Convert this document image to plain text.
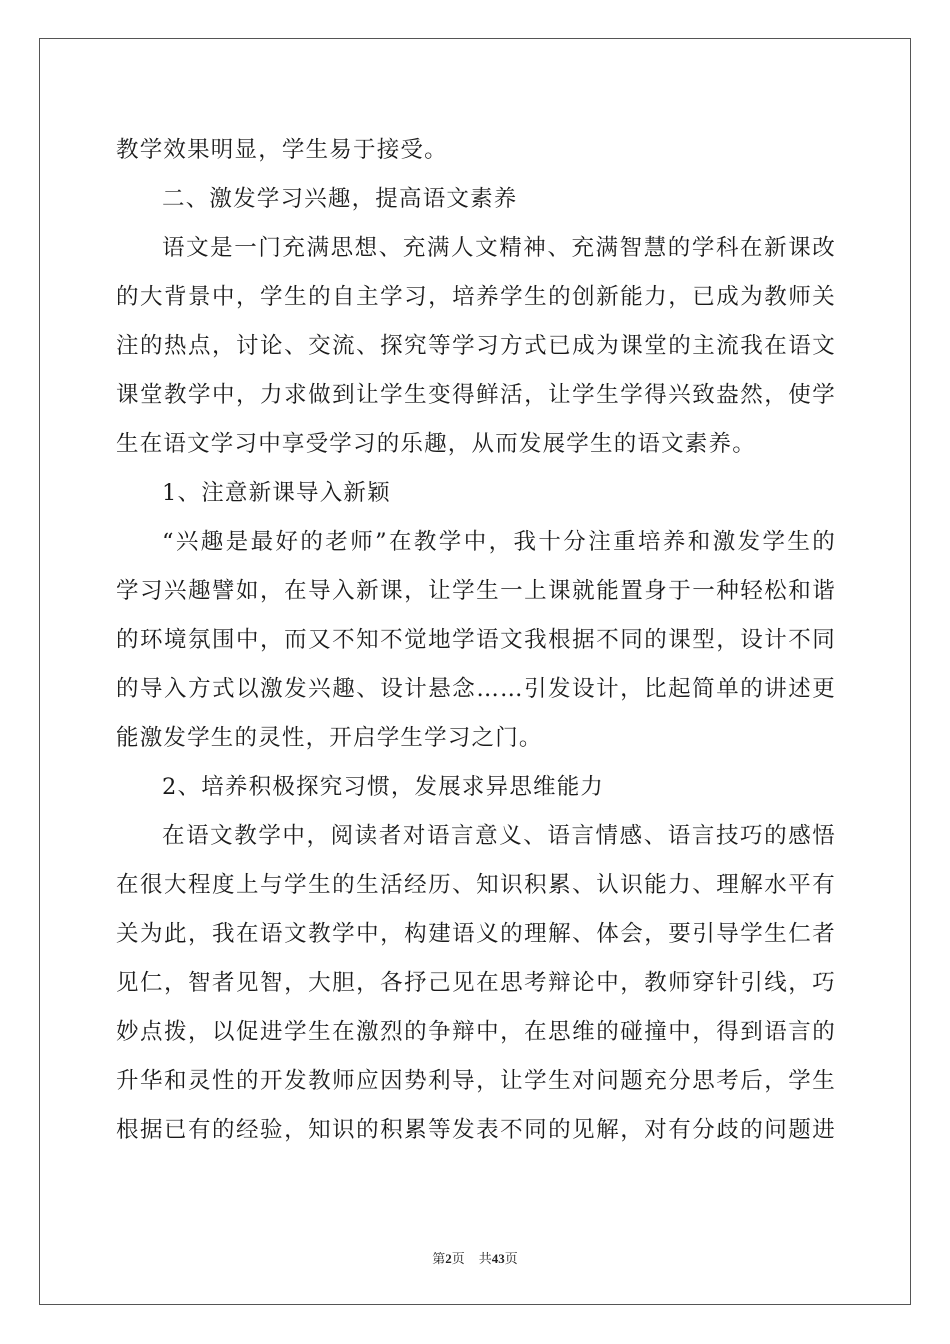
教学效果明显，学生易于接受。
二、激发学习兴趣，提高语文素养
语文是一门充满思想、充满人文精神、充满智慧的学科在新课改
的大背景中，学生的自主学习，培养学生的创新能力，已成为教师关
注的热点，讨论、交流、探究等学习方式已成为课堂的主流我在语文
课堂教学中，力求做到让学生变得鲜活，让学生学得兴致盎然，使学
生在语文学习中享受学习的乐趣，从而发展学生的语文素养。
1、注意新课导入新颖
“兴趣是最好的老师”在教学中，我十分注重培养和激发学生的
学习兴趣譬如，在导入新课，让学生一上课就能置身于一种轻松和谐
的环境氛围中，而又不知不觉地学语文我根据不同的课型，设计不同
的导入方式以激发兴趣、设计悬念……引发设计，比起简单的讲述更
能激发学生的灵性，开启学生学习之门。
2、培养积极探究习惯，发展求异思维能力
在语文教学中，阅读者对语言意义、语言情感、语言技巧的感悟
在很大程度上与学生的生活经历、知识积累、认识能力、理解水平有
关为此，我在语文教学中，构建语义的理解、体会，要引导学生仁者
见仁，智者见智，大胆，各抒己见在思考辩论中，教师穿针引线，巧
妙点拨，以促进学生在激烈的争辩中，在思维的碰撞中，得到语言的
升华和灵性的开发教师应因势利导，让学生对问题充分思考后，学生
根据已有的经验，知识的积累等发表不同的见解，对有分歧的问题进
第2页 共43页
